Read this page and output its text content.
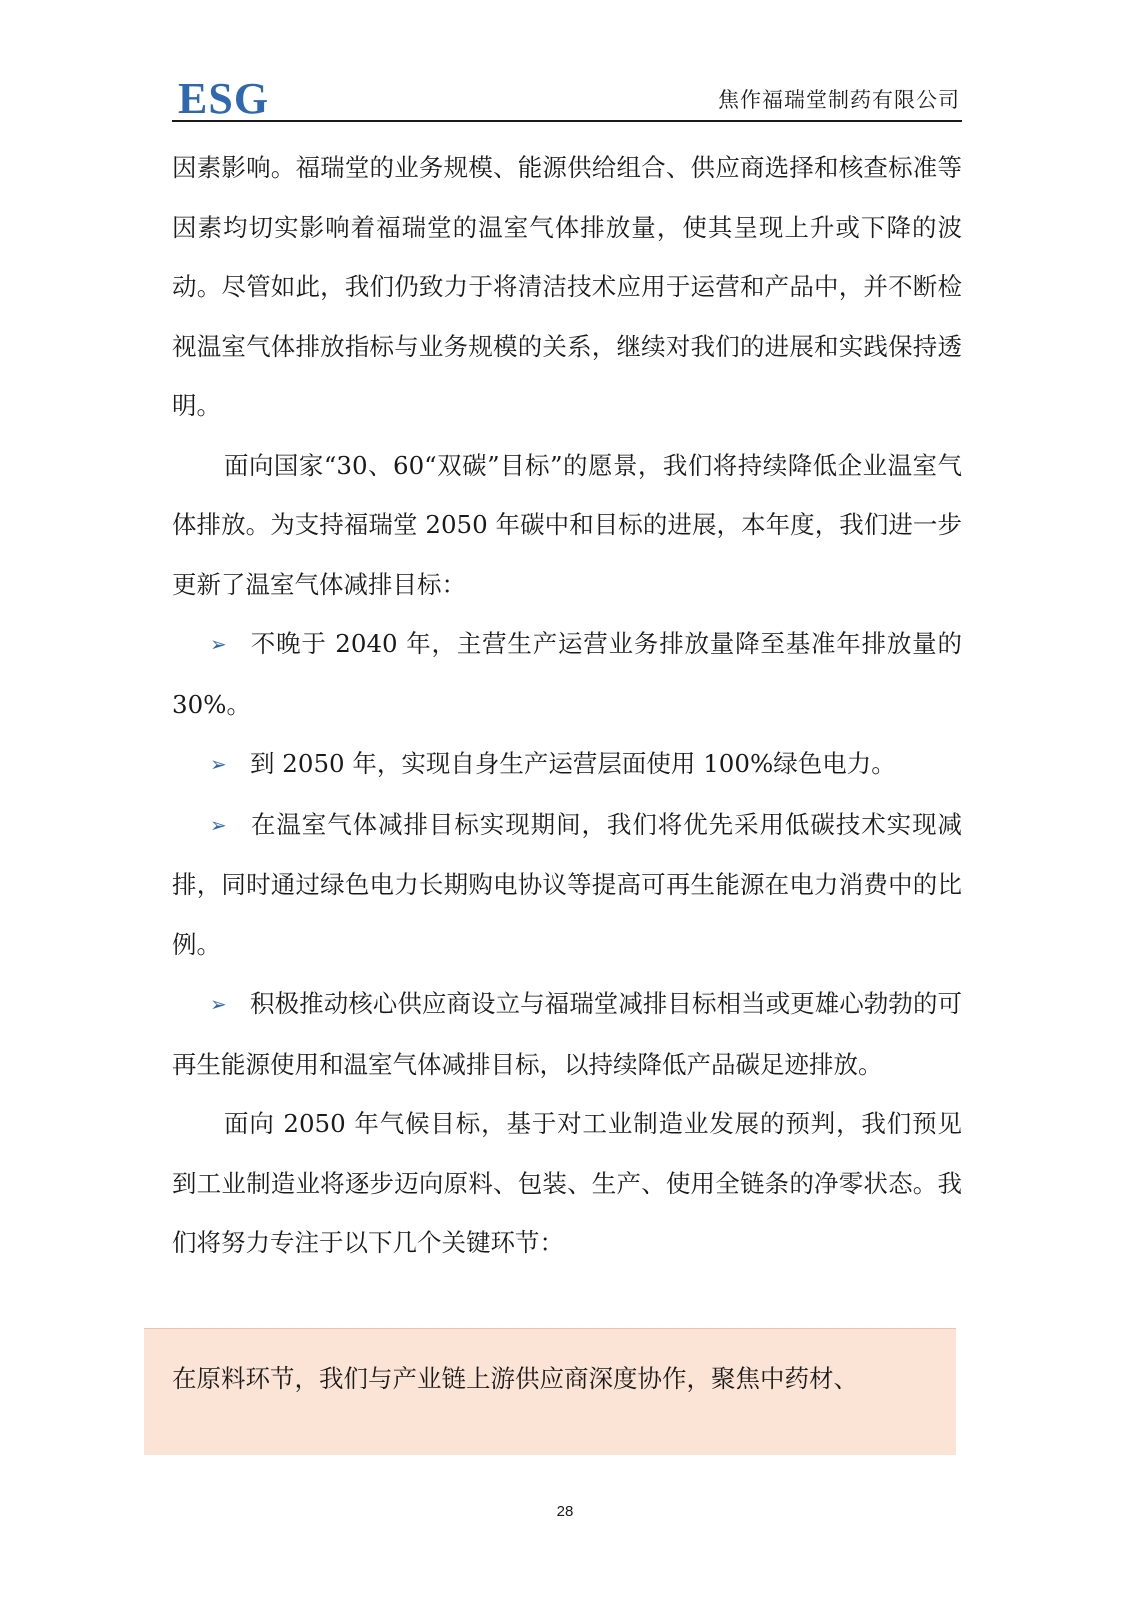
ESG	焦作福瑞堂制药有限公司

因素影响。福瑞堂的业务规模、能源供给组合、供应商选择和核查标准等因素均切实影响着福瑞堂的温室气体排放量，使其呈现上升或下降的波动。尽管如此，我们仍致力于将清洁技术应用于运营和产品中，并不断检视温室气体排放指标与业务规模的关系，继续对我们的进展和实践保持透明。

面向国家“30、60“双碳”目标”的愿景，我们将持续降低企业温室气体排放。为支持福瑞堂 2050 年碳中和目标的进展，本年度，我们进一步更新了温室气体减排目标：

➢ 不晚于 2040 年，主营生产运营业务排放量降至基准年排放量的 30%。

➢ 到 2050 年，实现自身生产运营层面使用 100%绿色电力。

➢ 在温室气体减排目标实现期间，我们将优先采用低碳技术实现减排，同时通过绿色电力长期购电协议等提高可再生能源在电力消费中的比例。

➢ 积极推动核心供应商设立与福瑞堂减排目标相当或更雄心勃勃的可再生能源使用和温室气体减排目标，以持续降低产品碳足迹排放。

面向 2050 年气候目标，基于对工业制造业发展的预判，我们预见到工业制造业将逐步迈向原料、包装、生产、使用全链条的净零状态。我们将努力专注于以下几个关键环节：

在原料环节，我们与产业链上游供应商深度协作，聚焦中药材、

28
